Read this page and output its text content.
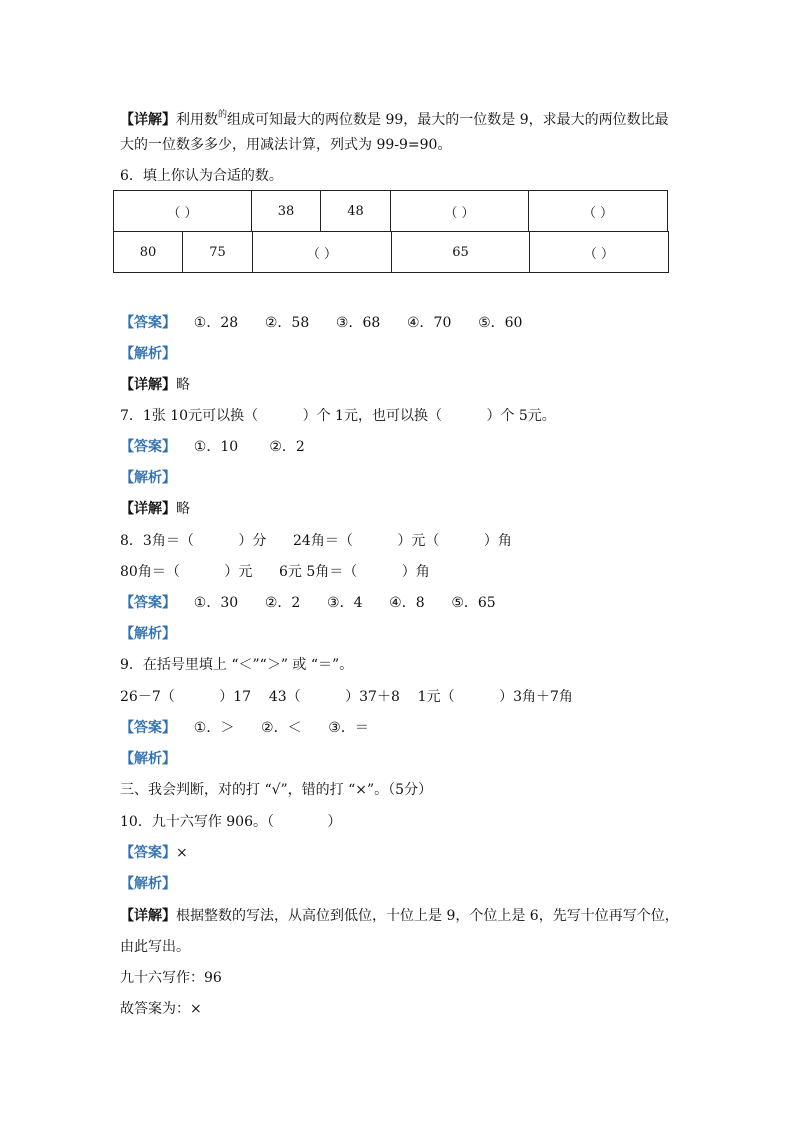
【详解】利用数$^的$组成可知最大的两位数是 99，最大的一位数是 9，求最大的两位数比最
大的一位数多多少，用减法计算，列式为 99-9=90。
6．填上你认为合适的数。
（ ）	38	48	（ ）	（ ）
80	75	（ ）	65	（ ）
【答案】    ①．28      ②．58      ③．68      ④．70      ⑤．60
【解析】
【详解】略
7．1张 10元可以换（          ）个 1元，也可以换（          ）个 5元。
【答案】    ①．10       ②．2
【解析】
【详解】略
8．3角＝（          ）分      24角＝（          ）元（          ）角
80角＝（          ）元      6元 5角＝（          ）角
【答案】    ①．30      ②．2      ③．4      ④．8      ⑤．65
【解析】
9．在括号里填上 “＜”“＞” 或 “＝”。
26－7（          ）17    43（          ）37＋8    1元（          ）3角＋7角
【答案】    ①．＞      ②．＜      ③．＝
【解析】
三、我会判断，对的打 “√”，错的打 “×”。（5分）
10．九十六写作 906。（            ）
【答案】×
【解析】
【详解】根据整数的写法，从高位到低位，十位上是 9，个位上是 6，先写十位再写个位，
由此写出。
九十六写作：96
故答案为：×
